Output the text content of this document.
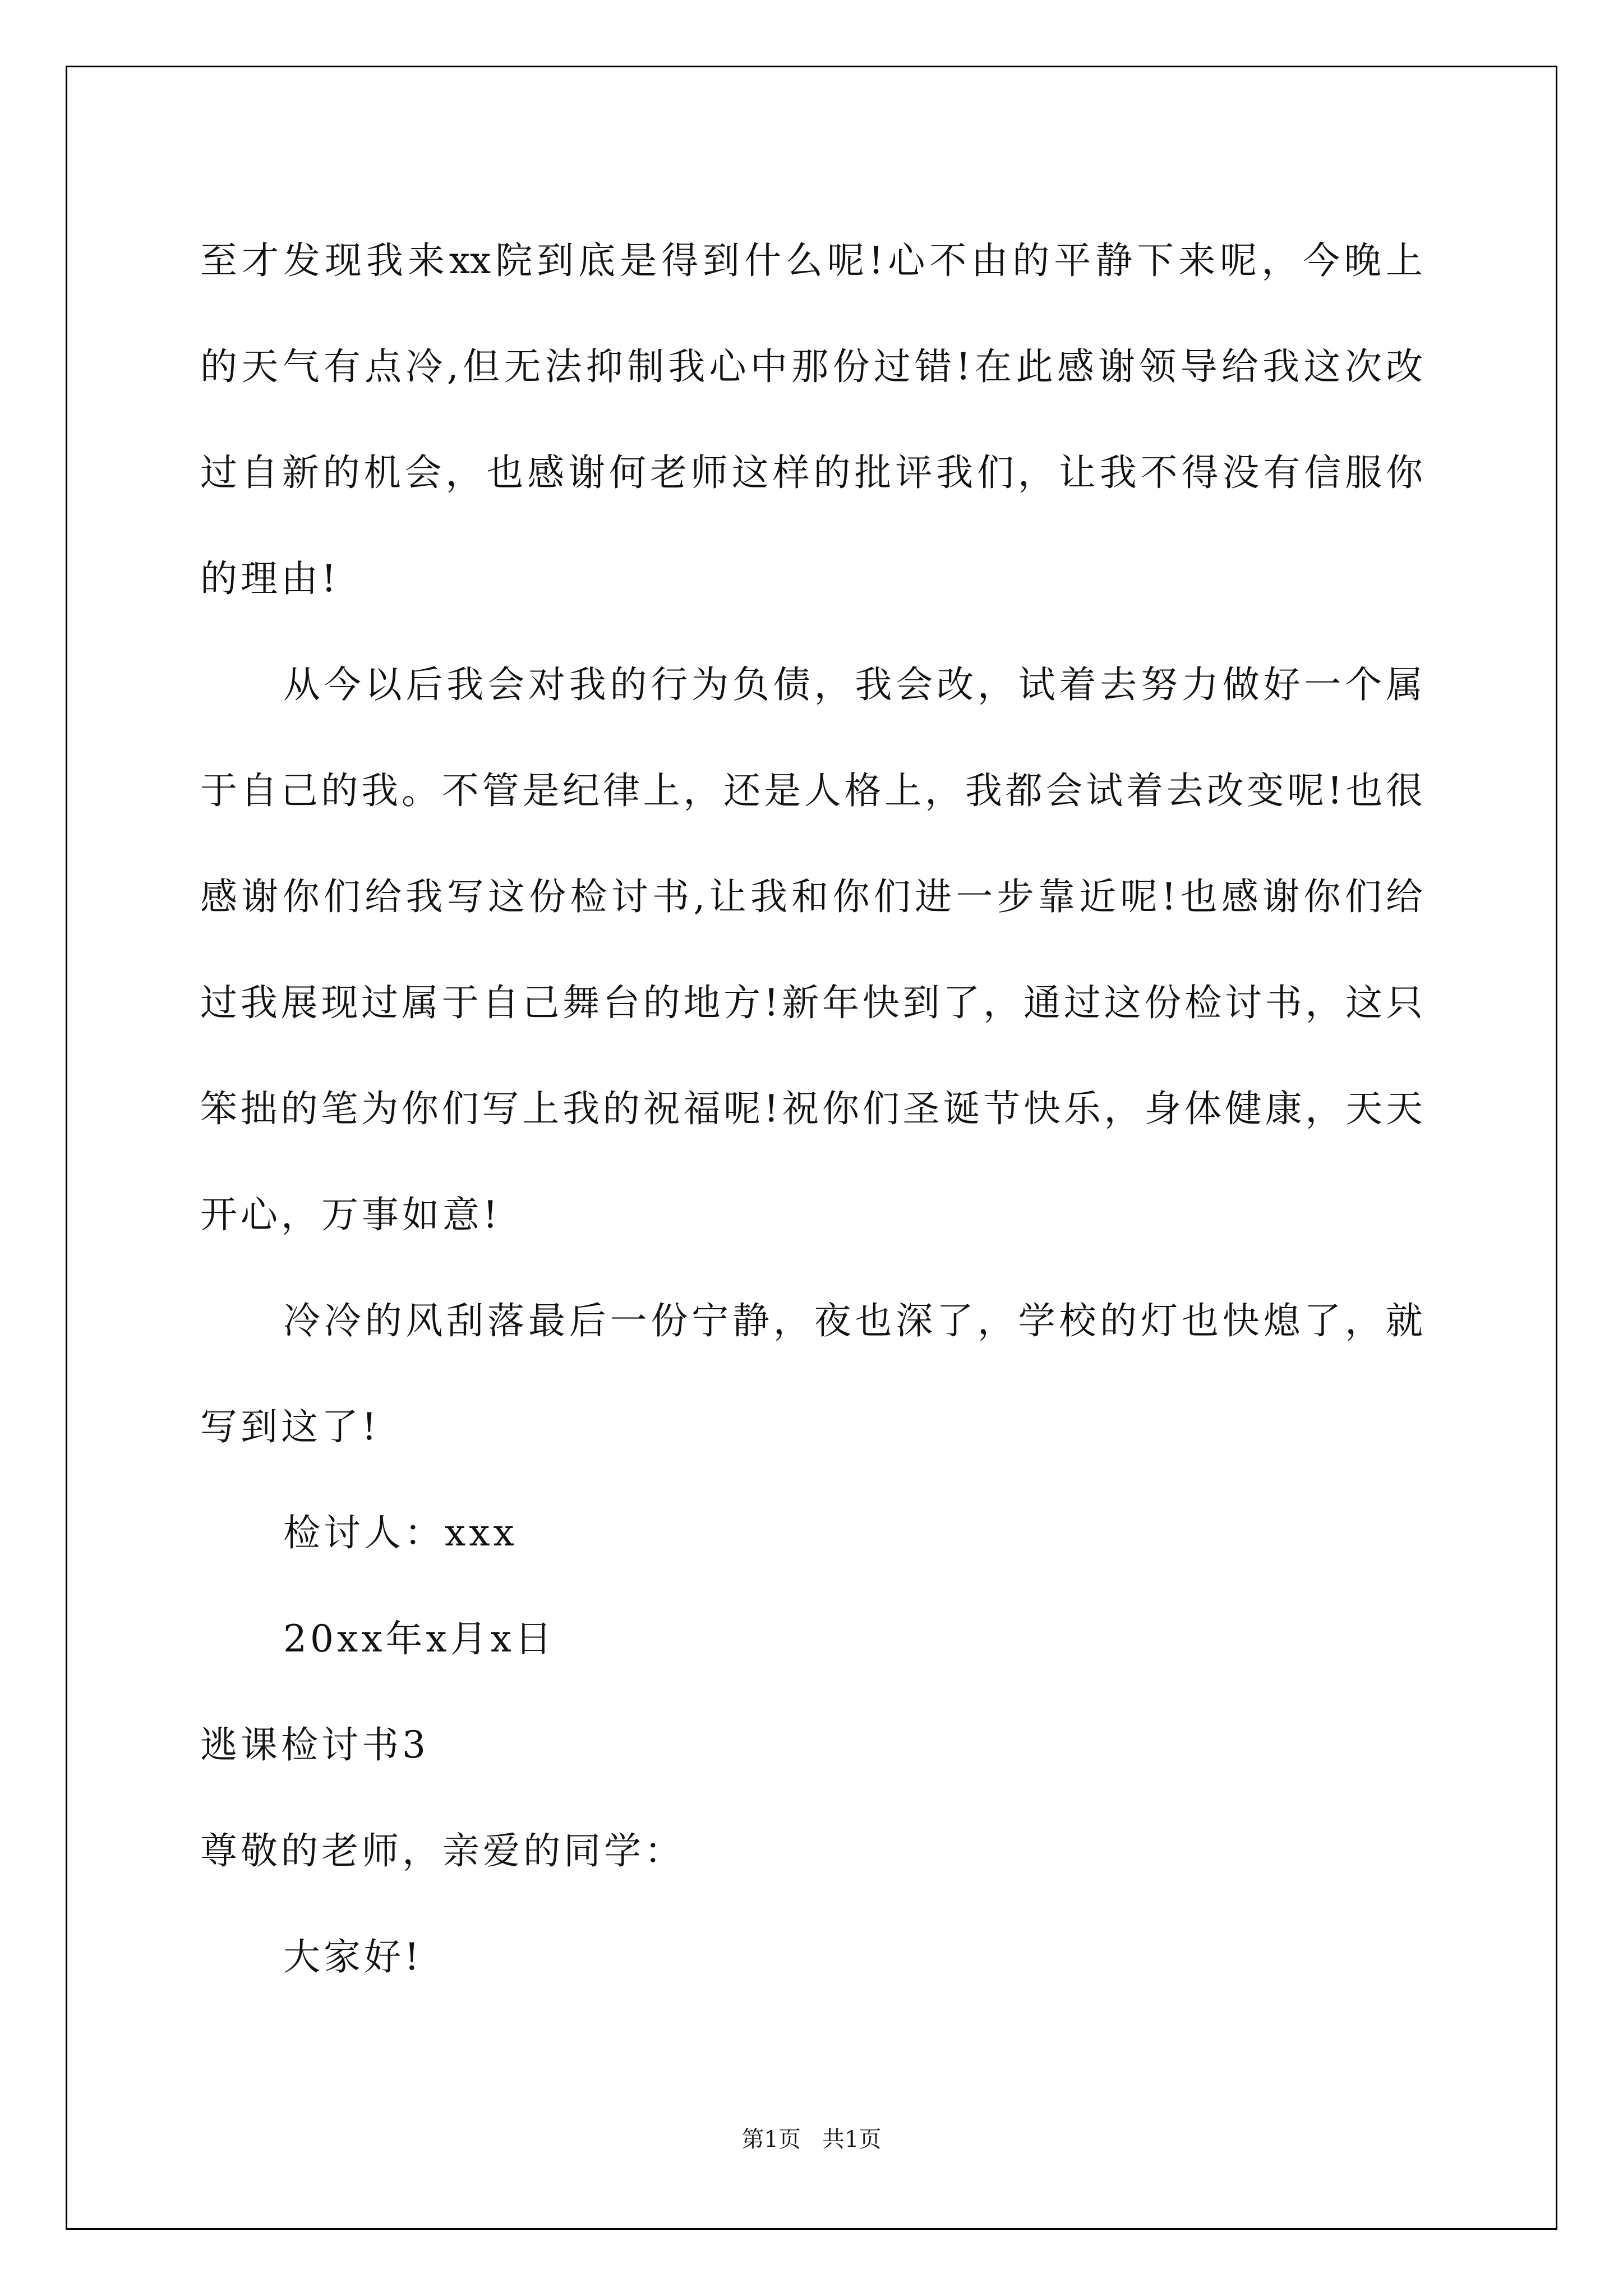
至才发现我来xx院到底是得到什么呢!心不由的平静下来呢，今晚上
的天气有点冷,但无法抑制我心中那份过错!在此感谢领导给我这次改
过自新的机会，也感谢何老师这样的批评我们，让我不得没有信服你
的理由!
从今以后我会对我的行为负债，我会改，试着去努力做好一个属
于自己的我。不管是纪律上，还是人格上，我都会试着去改变呢!也很
感谢你们给我写这份检讨书,让我和你们进一步靠近呢!也感谢你们给
过我展现过属于自己舞台的地方!新年快到了，通过这份检讨书，这只
笨拙的笔为你们写上我的祝福呢!祝你们圣诞节快乐，身体健康，天天
开心，万事如意!
冷冷的风刮落最后一份宁静，夜也深了，学校的灯也快熄了，就
写到这了!
检讨人：xxx
20xx年x月x日
逃课检讨书3
尊敬的老师，亲爱的同学：
大家好!
第1页   共1页
